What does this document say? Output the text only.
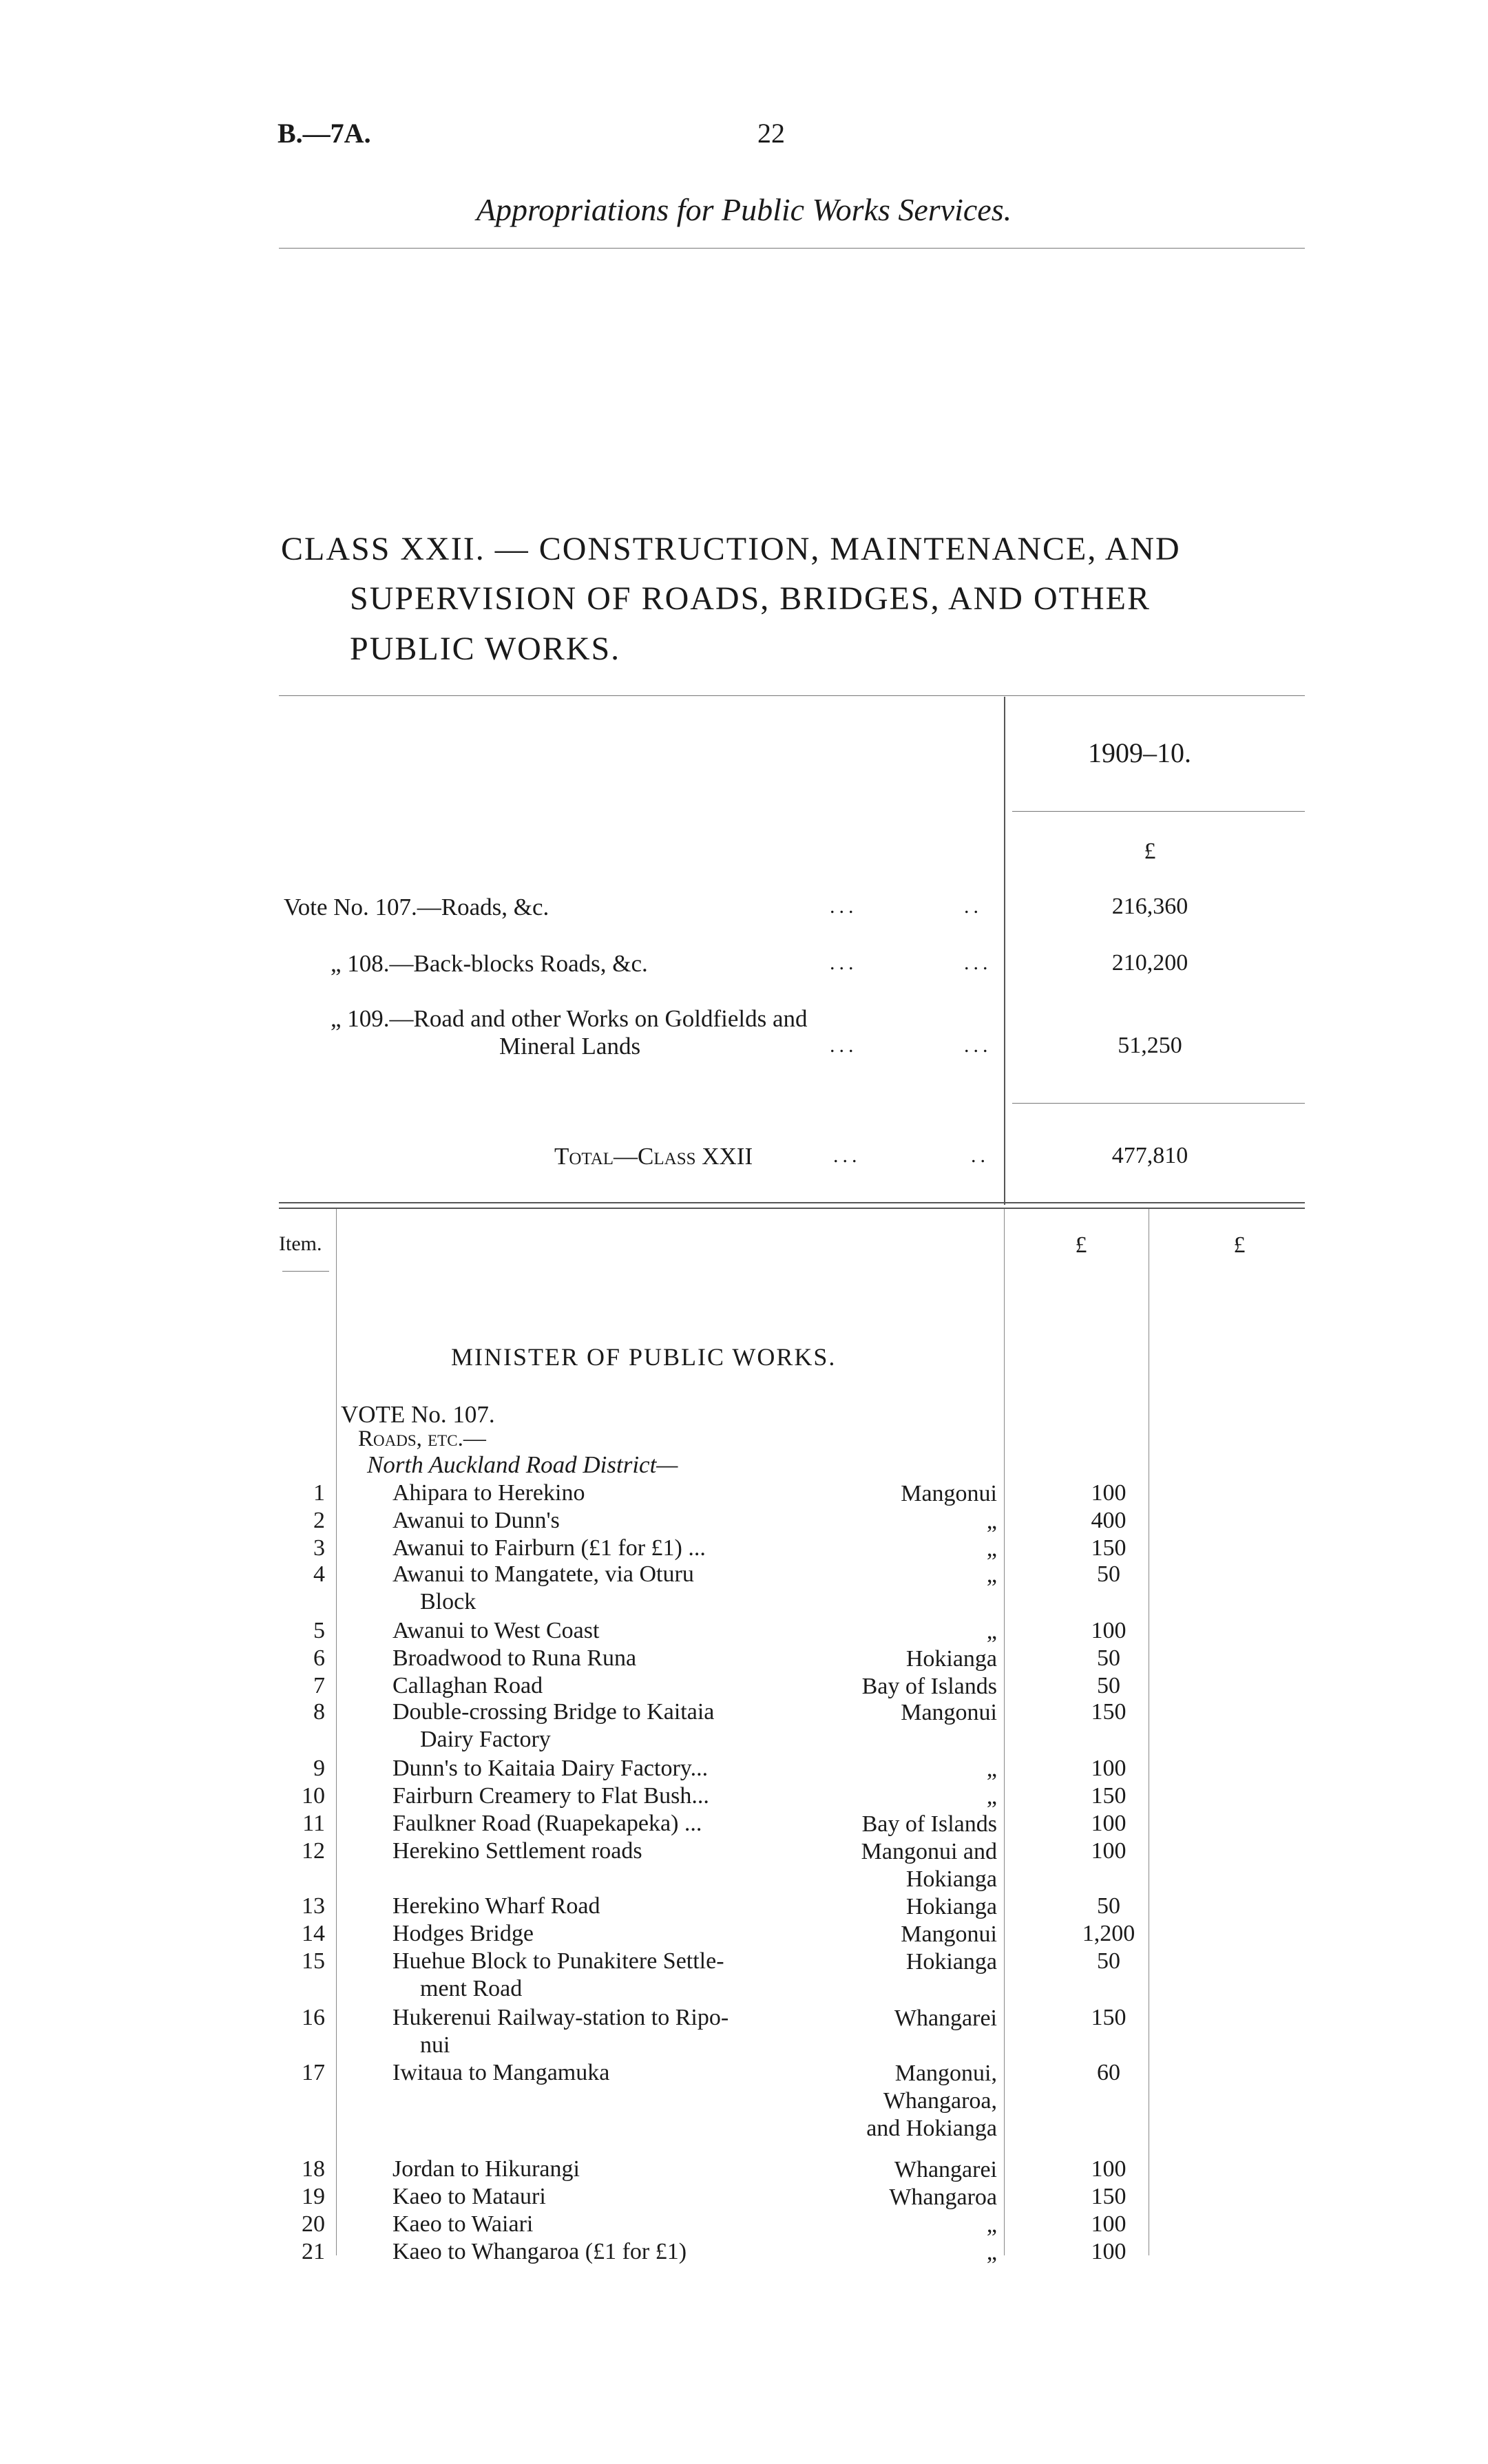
B.—7A.	22
Appropriations for Public Works Services.
CLASS XXII. — CONSTRUCTION, MAINTENANCE, AND
SUPERVISION OF ROADS, BRIDGES, AND OTHER
PUBLIC WORKS.
1909–10.
£
Vote No. 107.—Roads, &c.	...	..	216,360
„ 108.—Back-blocks Roads, &c.	...	...	210,200
„ 109.—Road and other Works on Goldfields and
Mineral Lands	...	...	51,250
Total—Class XXII	...	..	477,810
Item.	£	£
MINISTER OF PUBLIC WORKS.
VOTE No. 107.
Roads, etc.—
North Auckland Road District—
1	Ahipara to Herekino	Mangonui	100
2	Awanui to Dunn's	„	400
3	Awanui to Fairburn (£1 for £1) ...	„	150
4	Awanui to Mangatete, via Oturu
Block
„	50
5	Awanui to West Coast	„	100
6	Broadwood to Runa Runa	Hokianga	50
7	Callaghan Road	Bay of Islands	50
8	Double-crossing Bridge to Kaitaia
Dairy Factory
Mangonui	150
9	Dunn's to Kaitaia Dairy Factory...	„	100
10	Fairburn Creamery to Flat Bush...	„	150
11	Faulkner Road (Ruapekapeka) ...	Bay of Islands	100
12	Herekino Settlement roads	Mangonui and
Hokianga
100
13	Herekino Wharf Road	Hokianga	50
14	Hodges Bridge	Mangonui	1,200
15	Huehue Block to Punakitere Settle-
ment Road
Hokianga	50
16	Hukerenui Railway-station to Ripo-
nui
Whangarei	150
17	Iwitaua to Mangamuka	Mangonui,
Whangaroa,
and Hokianga
60
18	Jordan to Hikurangi	Whangarei	100
19	Kaeo to Matauri	Whangaroa	150
20	Kaeo to Waiari	„	100
21	Kaeo to Whangaroa (£1 for £1)	„	100
